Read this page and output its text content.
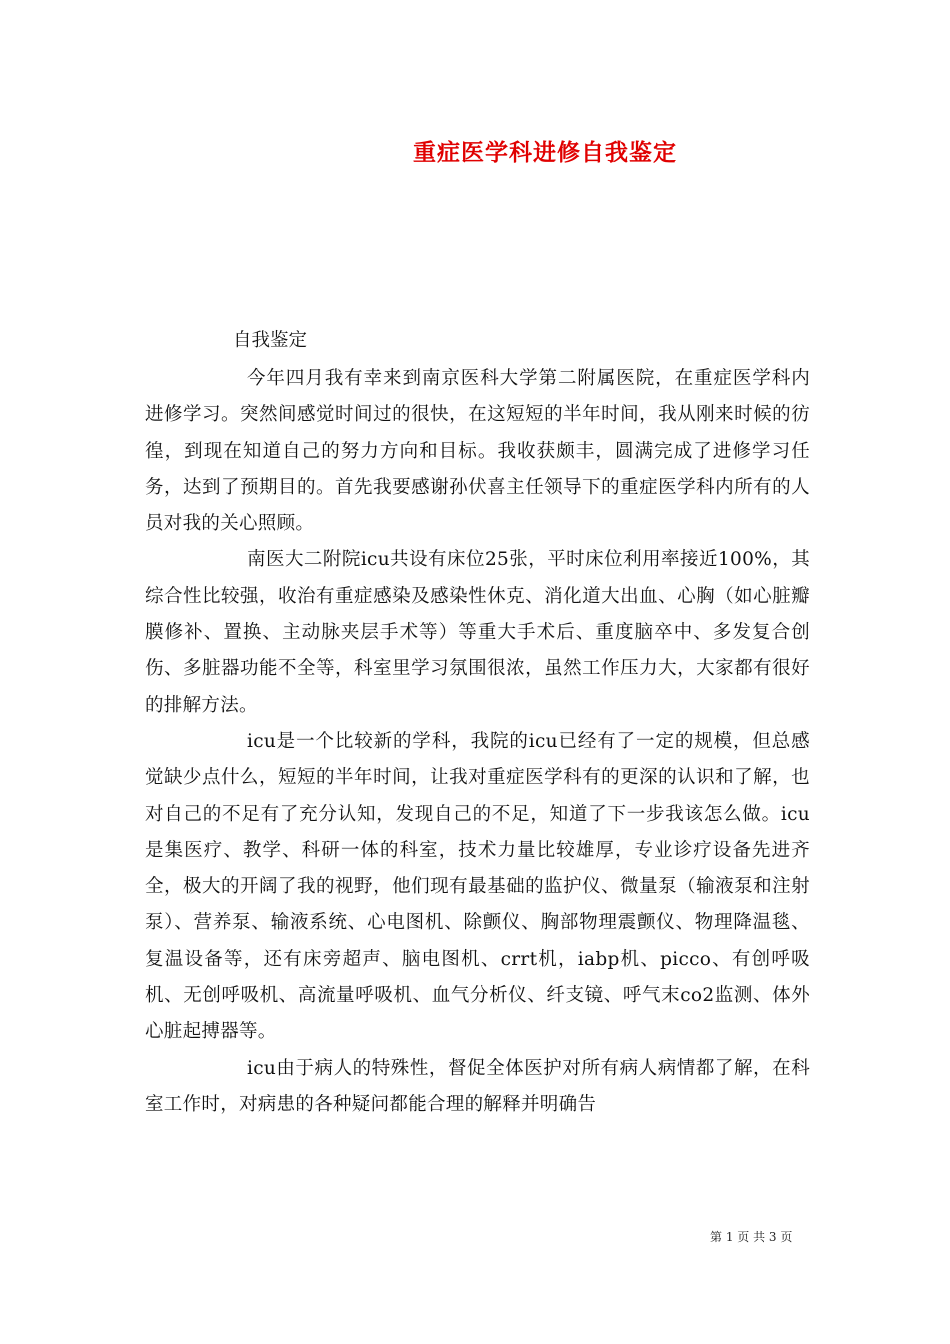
重症医学科进修自我鉴定

自我鉴定

今年四月我有幸来到南京医科大学第二附属医院，在重症医学科内进修学习。突然间感觉时间过的很快，在这短短的半年时间，我从刚来时候的彷徨，到现在知道自己的努力方向和目标。我收获颇丰，圆满完成了进修学习任务，达到了预期目的。首先我要感谢孙伏喜主任领导下的重症医学科内所有的人员对我的关心照顾。

南医大二附院icu共设有床位25张，平时床位利用率接近100%，其综合性比较强，收治有重症感染及感染性休克、消化道大出血、心胸（如心脏瓣膜修补、置换、主动脉夹层手术等）等重大手术后、重度脑卒中、多发复合创伤、多脏器功能不全等，科室里学习氛围很浓，虽然工作压力大，大家都有很好的排解方法。

icu是一个比较新的学科，我院的icu已经有了一定的规模，但总感觉缺少点什么，短短的半年时间，让我对重症医学科有的更深的认识和了解，也对自己的不足有了充分认知，发现自己的不足，知道了下一步我该怎么做。icu是集医疗、教学、科研一体的科室，技术力量比较雄厚，专业诊疗设备先进齐全，极大的开阔了我的视野，他们现有最基础的监护仪、微量泵（输液泵和注射泵）、营养泵、输液系统、心电图机、除颤仪、胸部物理震颤仪、物理降温毯、复温设备等，还有床旁超声、脑电图机、crrt机，iabp机、picco、有创呼吸机、无创呼吸机、高流量呼吸机、血气分析仪、纤支镜、呼气末co2监测、体外心脏起搏器等。

icu由于病人的特殊性，督促全体医护对所有病人病情都了解，在科室工作时，对病患的各种疑问都能合理的解释并明确告

第 1 页 共 3 页
